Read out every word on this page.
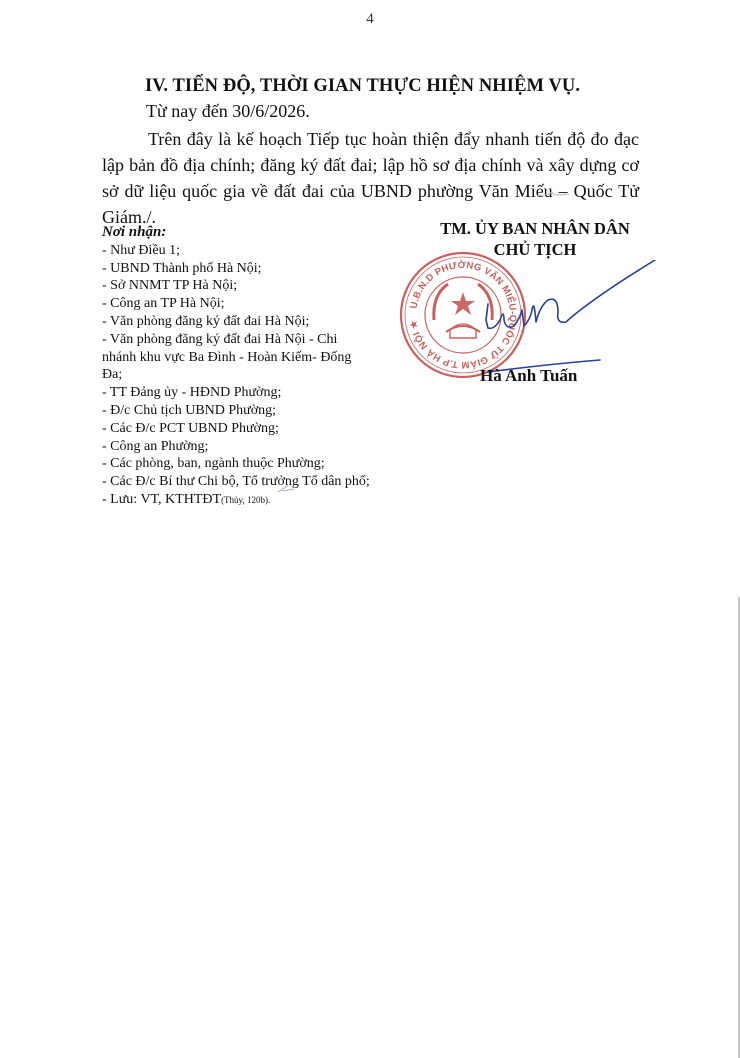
4
IV. TIẾN ĐỘ, THỜI GIAN THỰC HIỆN NHIỆM VỤ.
Từ nay đến 30/6/2026.
Trên đây là kế hoạch Tiếp tục hoàn thiện đẩy nhanh tiến độ đo đạc lập bản đồ địa chính; đăng ký đất đai; lập hồ sơ địa chính và xây dựng cơ sở dữ liệu quốc gia về đất đai của UBND phường Văn Miếu – Quốc Tử Giám./.
Nơi nhận:
- Như Điều 1;
- UBND Thành phố Hà Nội;
- Sở NNMT TP Hà Nội;
- Công an TP Hà Nội;
- Văn phòng đăng ký đất đai Hà Nội;
- Văn phòng đăng ký đất đai Hà Nội - Chi nhánh khu vực Ba Đình - Hoàn Kiếm- Đống Đa;
- TT Đảng ủy - HĐND Phường;
- Đ/c Chủ tịch UBND Phường;
- Các Đ/c PCT UBND Phường;
- Công an Phường;
- Các phòng, ban, ngành thuộc Phường;
- Các Đ/c Bí thư Chi bộ, Tổ trưởng Tổ dân phố;
- Lưu: VT, KTHTĐT(Thủy, 120b).
TM. ỦY BAN NHÂN DÂN
CHỦ TỊCH
U.B.N.D PHƯỜNG VĂN MIẾU-QUỐC TỬ GIÁM T.P HÀ NỘI ★
Hà Anh Tuấn
